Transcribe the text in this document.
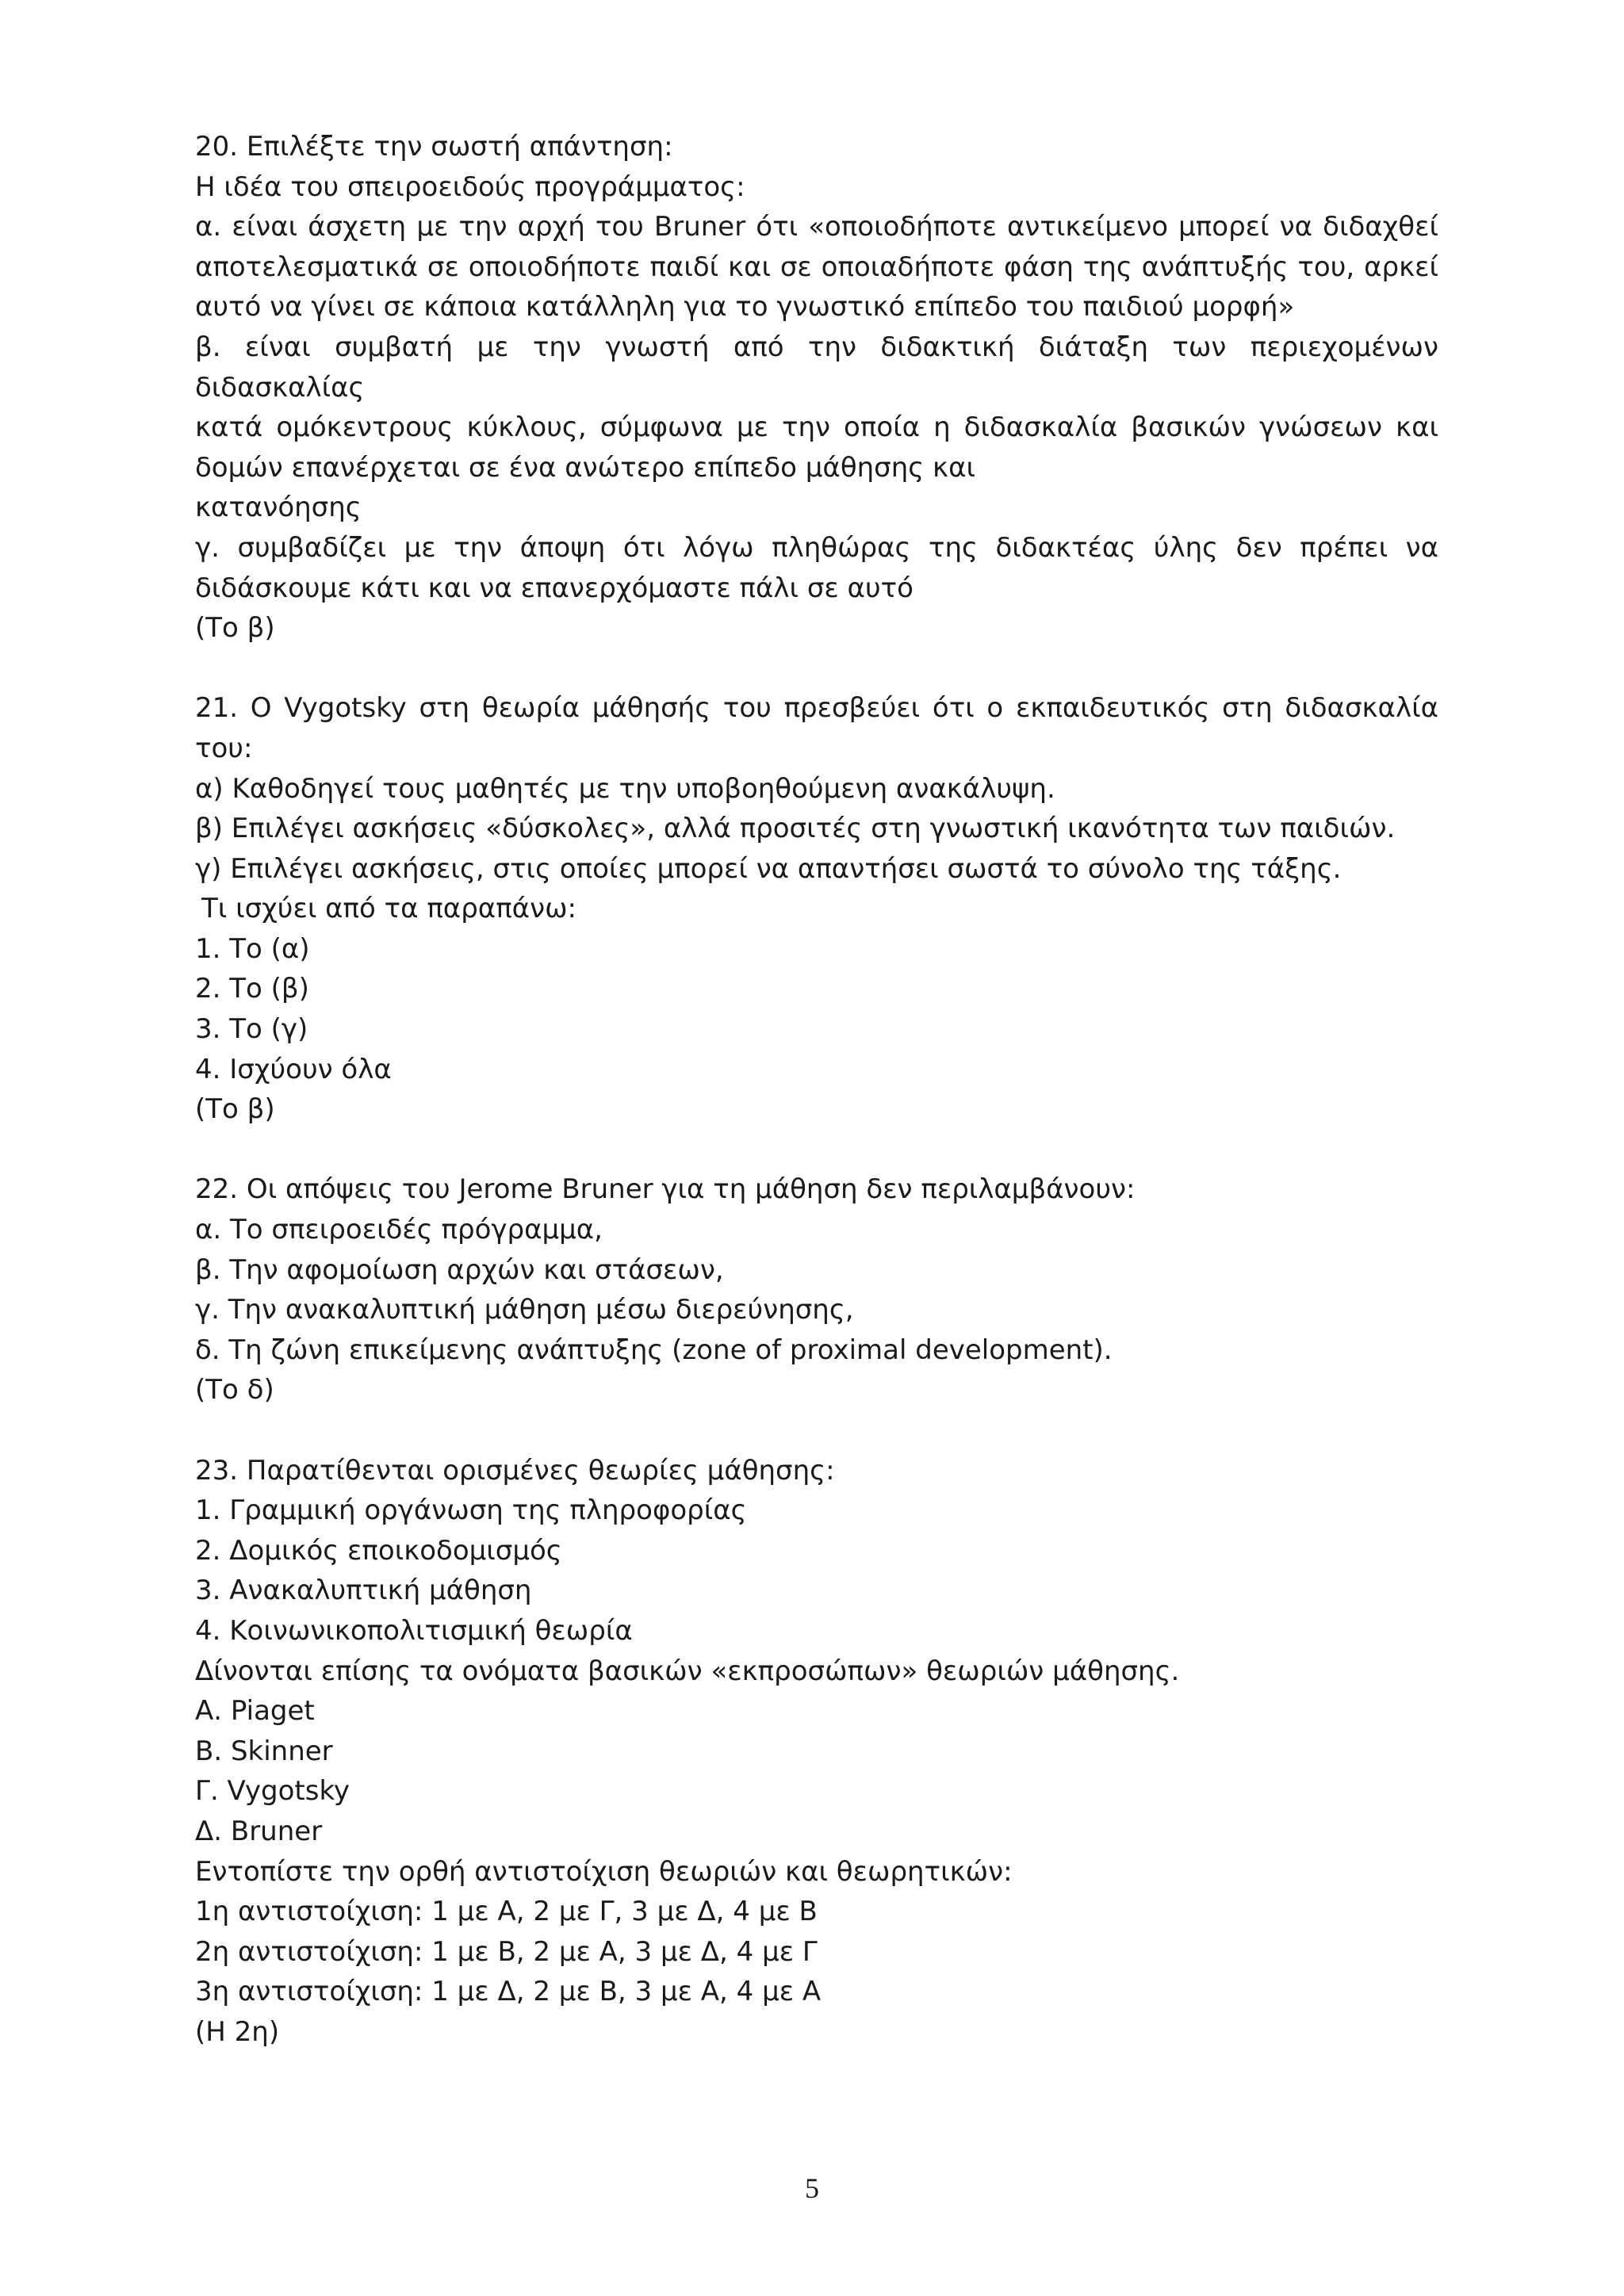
20. Επιλέξτε την σωστή απάντηση:
Η ιδέα του σπειροειδούς προγράμματος:
α. είναι άσχετη με την αρχή του Bruner ότι «οποιοδήποτε αντικείμενο μπορεί να διδαχθεί
αποτελεσματικά σε οποιοδήποτε παιδί και σε οποιαδήποτε φάση της ανάπτυξής του, αρκεί
αυτό να γίνει σε κάποια κατάλληλη για το γνωστικό επίπεδο του παιδιού μορφή»
β. είναι συμβατή με την γνωστή από την διδακτική διάταξη των περιεχομένων διδασκαλίας
κατά ομόκεντρους κύκλους, σύμφωνα με την οποία η διδασκαλία βασικών γνώσεων και
δομών επανέρχεται σε ένα ανώτερο επίπεδο μάθησης και
κατανόησης
γ. συμβαδίζει με την άποψη ότι λόγω πληθώρας της διδακτέας ύλης δεν πρέπει να
διδάσκουμε κάτι και να επανερχόμαστε πάλι σε αυτό
(Το β)
21. Ο Vygotsky στη θεωρία μάθησής του πρεσβεύει ότι ο εκπαιδευτικός στη διδασκαλία
του:
α) Καθοδηγεί τους μαθητές με την υποβοηθούμενη ανακάλυψη.
β) Επιλέγει ασκήσεις «δύσκολες», αλλά προσιτές στη γνωστική ικανότητα των παιδιών.
γ) Επιλέγει ασκήσεις, στις οποίες μπορεί να απαντήσει σωστά το σύνολο της τάξης.
Τι ισχύει από τα παραπάνω:
1. Το (α)
2. Το (β)
3. Το (γ)
4. Ισχύουν όλα
(Το β)
22. Οι απόψεις του Jerome Bruner για τη μάθηση δεν περιλαμβάνουν:
α. Το σπειροειδές πρόγραμμα,
β. Την αφομοίωση αρχών και στάσεων,
γ. Την ανακαλυπτική μάθηση μέσω διερεύνησης,
δ. Τη ζώνη επικείμενης ανάπτυξης (zone of proximal development).
(Το δ)
23. Παρατίθενται ορισμένες θεωρίες μάθησης:
1. Γραμμική οργάνωση της πληροφορίας
2. Δομικός εποικοδομισμός
3. Ανακαλυπτική μάθηση
4. Κοινωνικοπολιτισμική θεωρία
Δίνονται επίσης τα ονόματα βασικών «εκπροσώπων» θεωριών μάθησης.
Α. Piaget
Β. Skinner
Γ. Vygotsky
Δ. Bruner
Εντοπίστε την ορθή αντιστοίχιση θεωριών και θεωρητικών:
1η αντιστοίχιση: 1 με Α, 2 με Γ, 3 με Δ, 4 με Β
2η αντιστοίχιση: 1 με Β, 2 με Α, 3 με Δ, 4 με Γ
3η αντιστοίχιση: 1 με Δ, 2 με Β, 3 με Α, 4 με Α
(Η 2η)
5
